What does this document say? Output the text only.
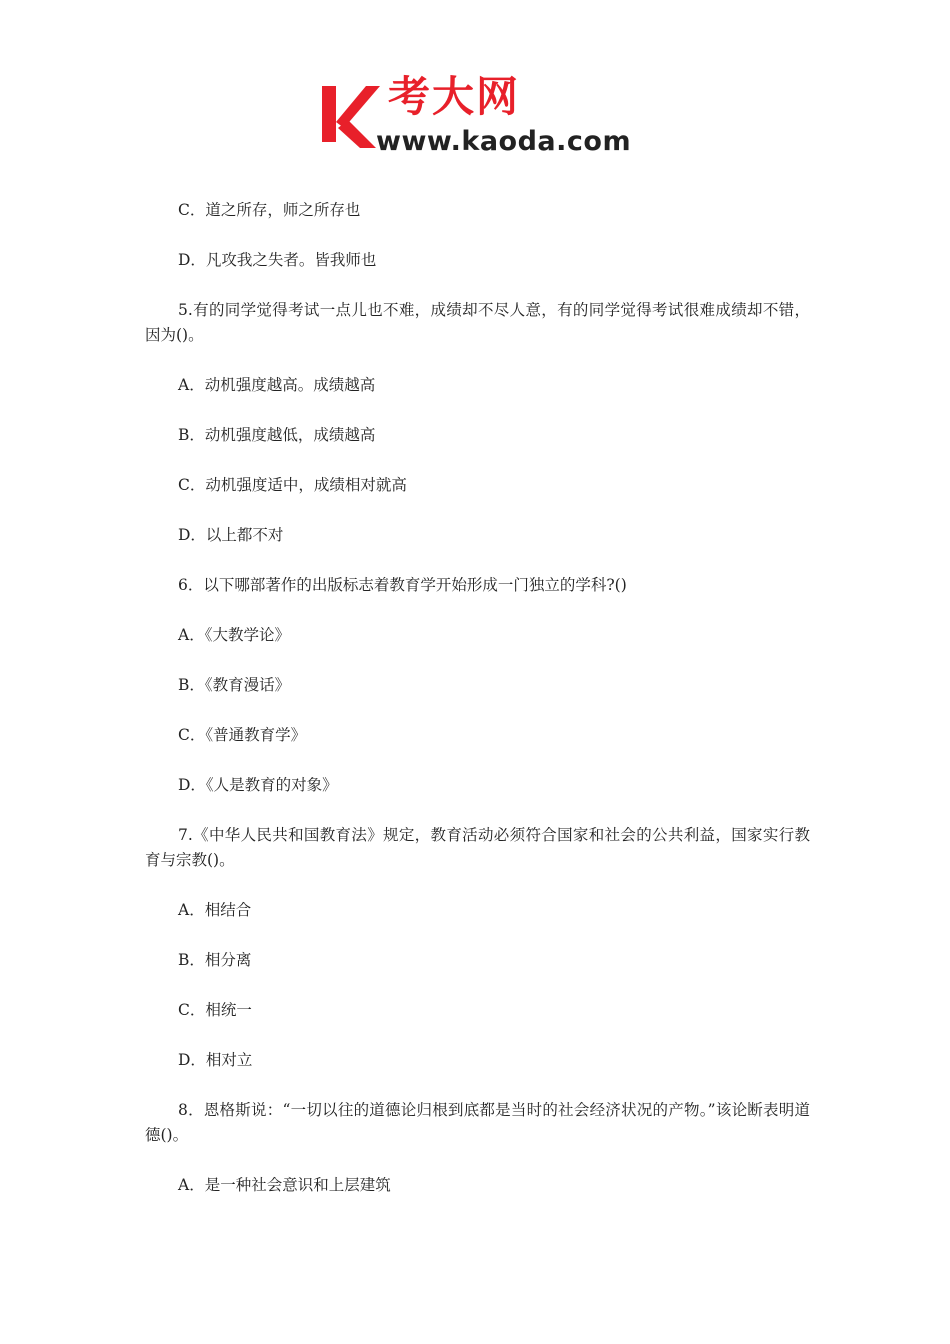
考大网
www.kaoda.com

C．道之所存，师之所存也

D．凡攻我之失者。皆我师也

5.有的同学觉得考试一点儿也不难，成绩却不尽人意，有的同学觉得考试很难成绩却不错，因为()。

A．动机强度越高。成绩越高

B．动机强度越低，成绩越高

C．动机强度适中，成绩相对就高

D．以上都不对

6．以下哪部著作的出版标志着教育学开始形成一门独立的学科?()

A．《大教学论》

B．《教育漫话》

C．《普通教育学》

D．《人是教育的对象》

7.《中华人民共和国教育法》规定，教育活动必须符合国家和社会的公共利益，国家实行教育与宗教()。

A．相结合

B．相分离

C．相统一

D．相对立

8．恩格斯说：“一切以往的道德论归根到底都是当时的社会经济状况的产物。”该论断表明道德()。

A．是一种社会意识和上层建筑
